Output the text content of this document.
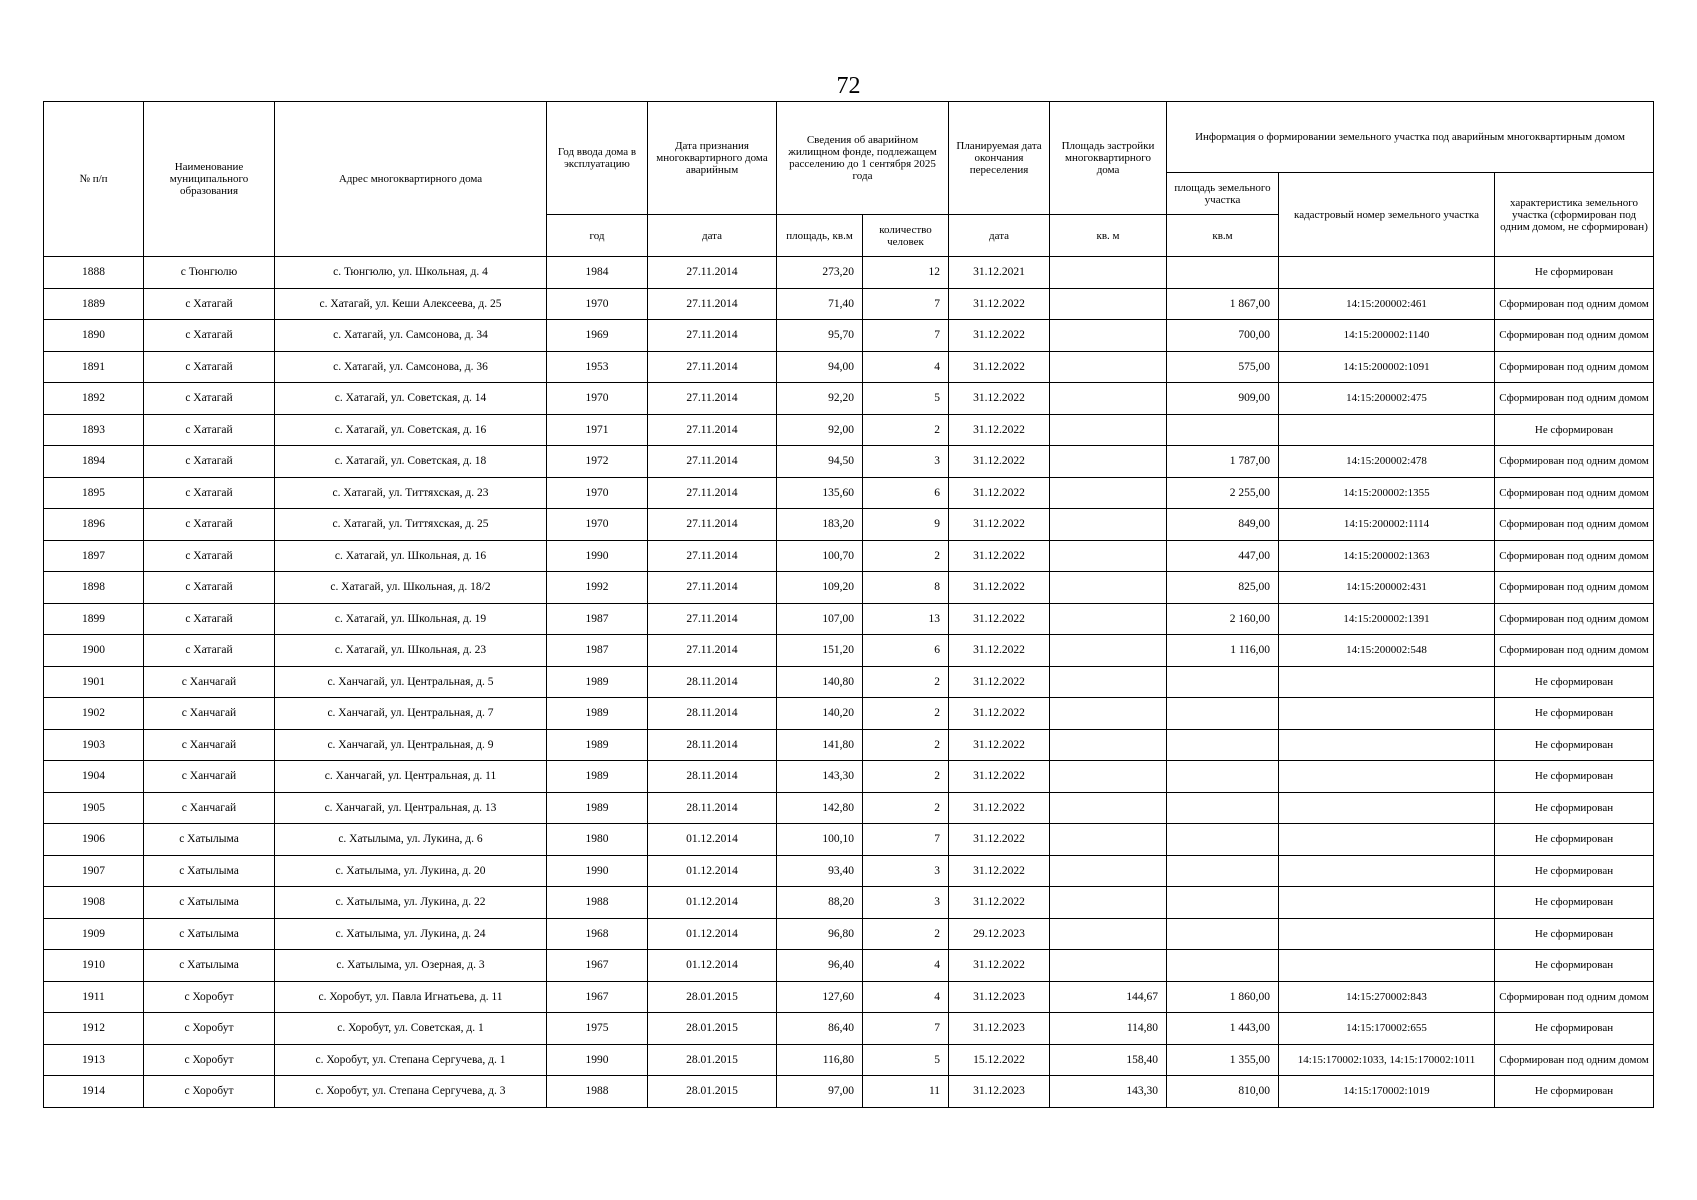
72
№ п/п	Наименование муниципального образования	Адрес многоквартирного дома	Год ввода дома в эксплуатацию	Дата признания многоквартирного дома аварийным	Сведения об аварийном жилищном фонде, подлежащем расселению до 1 сентября 2025 года		Планируемая дата окончания переселения	Площадь застройки многоквартирного дома	Информация о формировании земельного участка под аварийным многоквартирным домом		
									площадь земельного участка	кадастровый номер земельного участка	характеристика земельного участка (сформирован под одним домом, не сформирован)
			год	дата	площадь, кв.м	количество человек	дата	кв. м	кв.м		
1888	с Тюнгюлю	с. Тюнгюлю, ул. Школьная, д. 4	1984	27.11.2014	273,20	12	31.12.2021				Не сформирован
1889	с Хатагай	с. Хатагай, ул. Кеши Алексеева, д. 25	1970	27.11.2014	71,40	7	31.12.2022		1 867,00	14:15:200002:461	Сформирован под одним домом
1890	с Хатагай	с. Хатагай, ул. Самсонова, д. 34	1969	27.11.2014	95,70	7	31.12.2022		700,00	14:15:200002:1140	Сформирован под одним домом
1891	с Хатагай	с. Хатагай, ул. Самсонова, д. 36	1953	27.11.2014	94,00	4	31.12.2022		575,00	14:15:200002:1091	Сформирован под одним домом
1892	с Хатагай	с. Хатагай, ул. Советская, д. 14	1970	27.11.2014	92,20	5	31.12.2022		909,00	14:15:200002:475	Сформирован под одним домом
1893	с Хатагай	с. Хатагай, ул. Советская, д. 16	1971	27.11.2014	92,00	2	31.12.2022				Не сформирован
1894	с Хатагай	с. Хатагай, ул. Советская, д. 18	1972	27.11.2014	94,50	3	31.12.2022		1 787,00	14:15:200002:478	Сформирован под одним домом
1895	с Хатагай	с. Хатагай, ул. Титтяхская, д. 23	1970	27.11.2014	135,60	6	31.12.2022		2 255,00	14:15:200002:1355	Сформирован под одним домом
1896	с Хатагай	с. Хатагай, ул. Титтяхская, д. 25	1970	27.11.2014	183,20	9	31.12.2022		849,00	14:15:200002:1114	Сформирован под одним домом
1897	с Хатагай	с. Хатагай, ул. Школьная, д. 16	1990	27.11.2014	100,70	2	31.12.2022		447,00	14:15:200002:1363	Сформирован под одним домом
1898	с Хатагай	с. Хатагай, ул. Школьная, д. 18/2	1992	27.11.2014	109,20	8	31.12.2022		825,00	14:15:200002:431	Сформирован под одним домом
1899	с Хатагай	с. Хатагай, ул. Школьная, д. 19	1987	27.11.2014	107,00	13	31.12.2022		2 160,00	14:15:200002:1391	Сформирован под одним домом
1900	с Хатагай	с. Хатагай, ул. Школьная, д. 23	1987	27.11.2014	151,20	6	31.12.2022		1 116,00	14:15:200002:548	Сформирован под одним домом
1901	с Ханчагай	с. Ханчагай, ул. Центральная, д. 5	1989	28.11.2014	140,80	2	31.12.2022				Не сформирован
1902	с Ханчагай	с. Ханчагай, ул. Центральная, д. 7	1989	28.11.2014	140,20	2	31.12.2022				Не сформирован
1903	с Ханчагай	с. Ханчагай, ул. Центральная, д. 9	1989	28.11.2014	141,80	2	31.12.2022				Не сформирован
1904	с Ханчагай	с. Ханчагай, ул. Центральная, д. 11	1989	28.11.2014	143,30	2	31.12.2022				Не сформирован
1905	с Ханчагай	с. Ханчагай, ул. Центральная, д. 13	1989	28.11.2014	142,80	2	31.12.2022				Не сформирован
1906	с Хатылыма	с. Хатылыма, ул. Лукина, д. 6	1980	01.12.2014	100,10	7	31.12.2022				Не сформирован
1907	с Хатылыма	с. Хатылыма, ул. Лукина, д. 20	1990	01.12.2014	93,40	3	31.12.2022				Не сформирован
1908	с Хатылыма	с. Хатылыма, ул. Лукина, д. 22	1988	01.12.2014	88,20	3	31.12.2022				Не сформирован
1909	с Хатылыма	с. Хатылыма, ул. Лукина, д. 24	1968	01.12.2014	96,80	2	29.12.2023				Не сформирован
1910	с Хатылыма	с. Хатылыма, ул. Озерная, д. 3	1967	01.12.2014	96,40	4	31.12.2022				Не сформирован
1911	с Хоробут	с. Хоробут, ул. Павла Игнатьева, д. 11	1967	28.01.2015	127,60	4	31.12.2023	144,67	1 860,00	14:15:270002:843	Сформирован под одним домом
1912	с Хоробут	с. Хоробут, ул. Советская, д. 1	1975	28.01.2015	86,40	7	31.12.2023	114,80	1 443,00	14:15:170002:655	Не сформирован
1913	с Хоробут	с. Хоробут, ул. Степана Сергучева, д. 1	1990	28.01.2015	116,80	5	15.12.2022	158,40	1 355,00	14:15:170002:1033, 14:15:170002:1011	Сформирован под одним домом
1914	с Хоробут	с. Хоробут, ул. Степана Сергучева, д. 3	1988	28.01.2015	97,00	11	31.12.2023	143,30	810,00	14:15:170002:1019	Не сформирован
